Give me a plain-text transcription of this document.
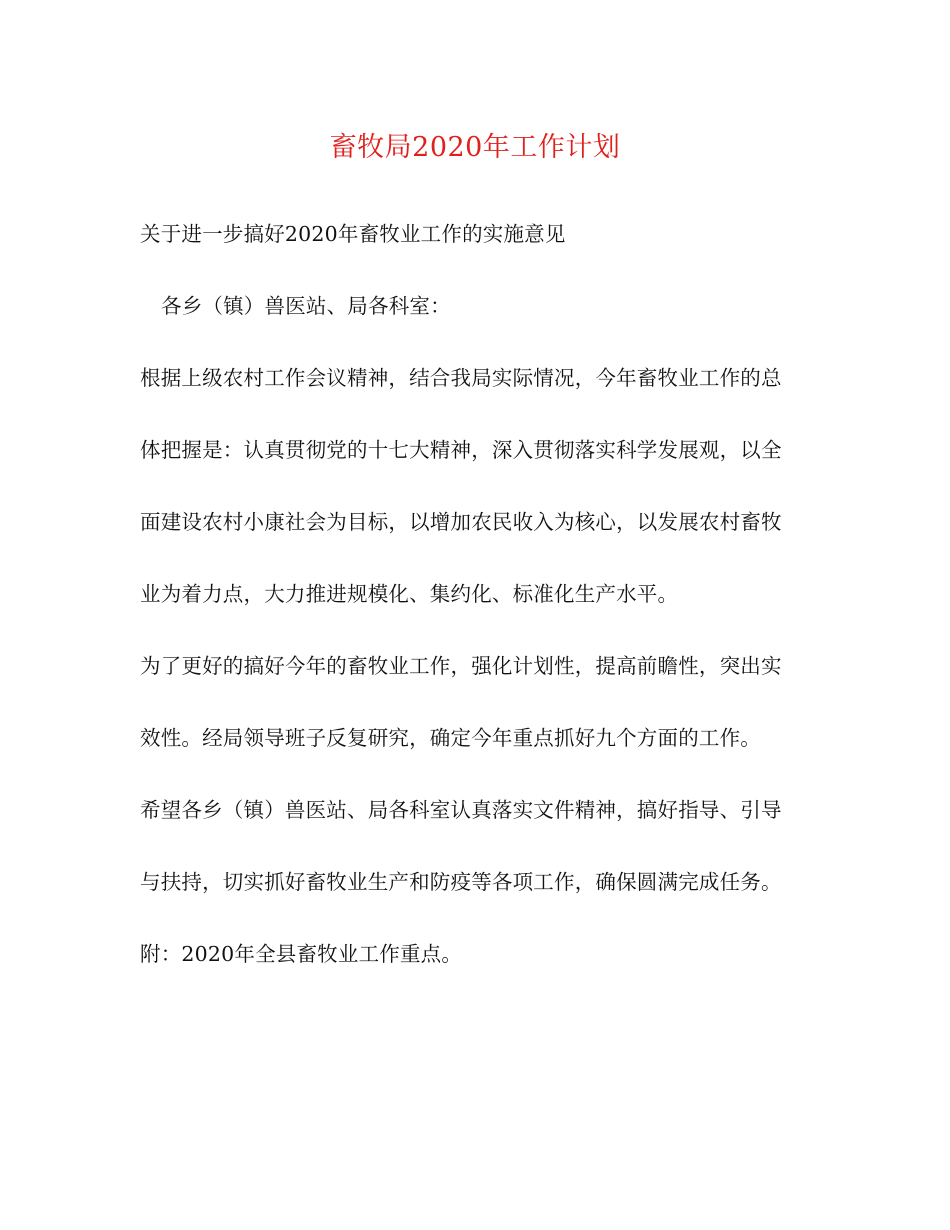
畜牧局2020年工作计划
关于进一步搞好2020年畜牧业工作的实施意见
各乡（镇）兽医站、局各科室：
根据上级农村工作会议精神，结合我局实际情况，今年畜牧业工作的总
体把握是：认真贯彻党的十七大精神，深入贯彻落实科学发展观，以全
面建设农村小康社会为目标，以增加农民收入为核心，以发展农村畜牧
业为着力点，大力推进规模化、集约化、标准化生产水平。
为了更好的搞好今年的畜牧业工作，强化计划性，提高前瞻性，突出实
效性。经局领导班子反复研究，确定今年重点抓好九个方面的工作。
希望各乡（镇）兽医站、局各科室认真落实文件精神，搞好指导、引导
与扶持，切实抓好畜牧业生产和防疫等各项工作，确保圆满完成任务。
附：2020年全县畜牧业工作重点。
